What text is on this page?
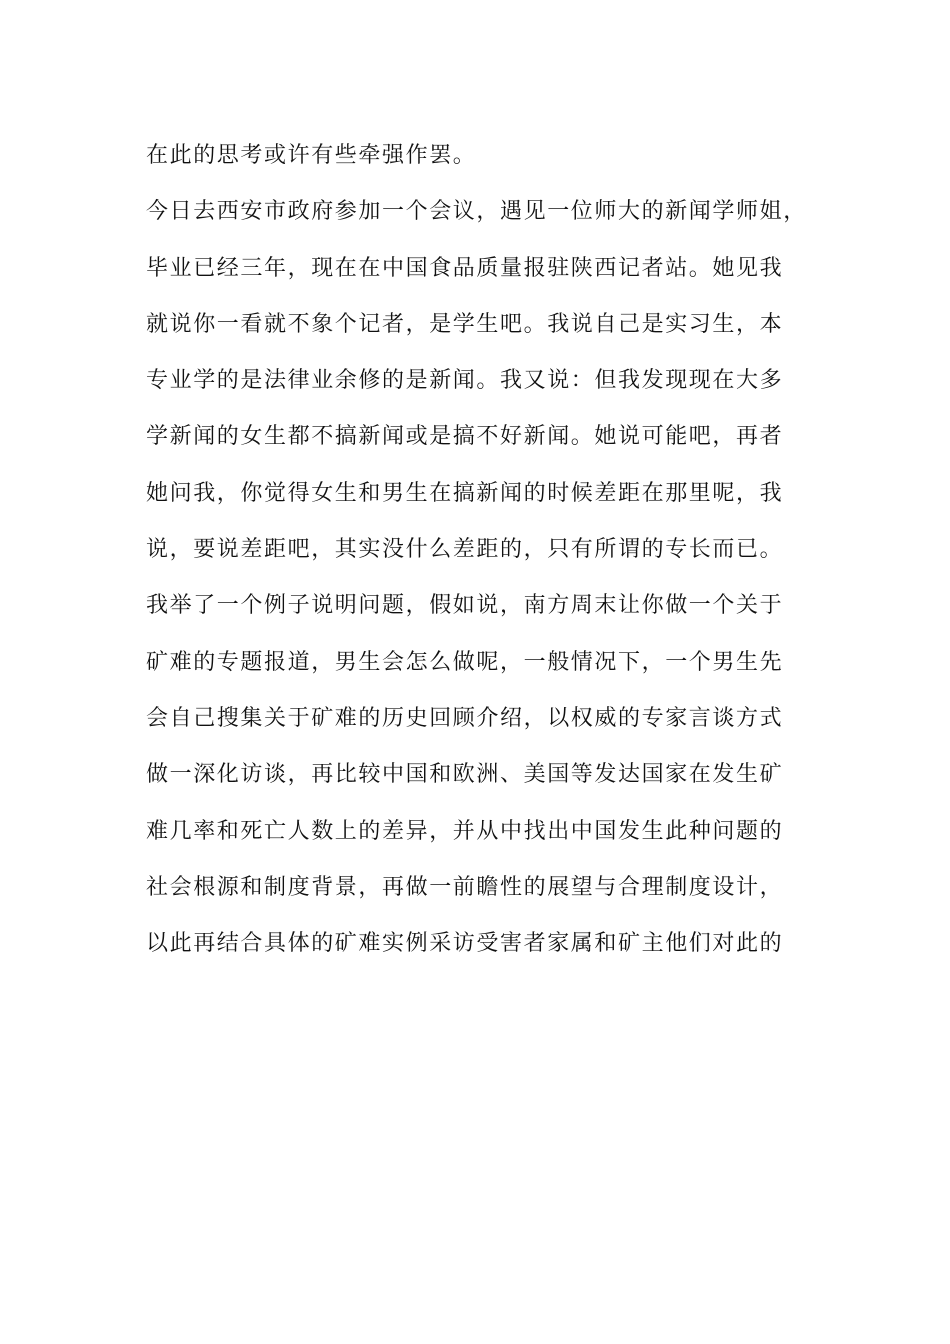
在此的思考或许有些牵强作罢。
今日去西安市政府参加一个会议，遇见一位师大的新闻学师姐，
毕业已经三年，现在在中国食品质量报驻陕西记者站。她见我
就说你一看就不象个记者，是学生吧。我说自己是实习生，本
专业学的是法律业余修的是新闻。我又说：但我发现现在大多
学新闻的女生都不搞新闻或是搞不好新闻。她说可能吧，再者
她问我，你觉得女生和男生在搞新闻的时候差距在那里呢，我
说，要说差距吧，其实没什么差距的，只有所谓的专长而已。
我举了一个例子说明问题，假如说，南方周末让你做一个关于
矿难的专题报道，男生会怎么做呢，一般情况下，一个男生先
会自己搜集关于矿难的历史回顾介绍，以权威的专家言谈方式
做一深化访谈，再比较中国和欧洲、美国等发达国家在发生矿
难几率和死亡人数上的差异，并从中找出中国发生此种问题的
社会根源和制度背景，再做一前瞻性的展望与合理制度设计，
以此再结合具体的矿难实例采访受害者家属和矿主他们对此的
